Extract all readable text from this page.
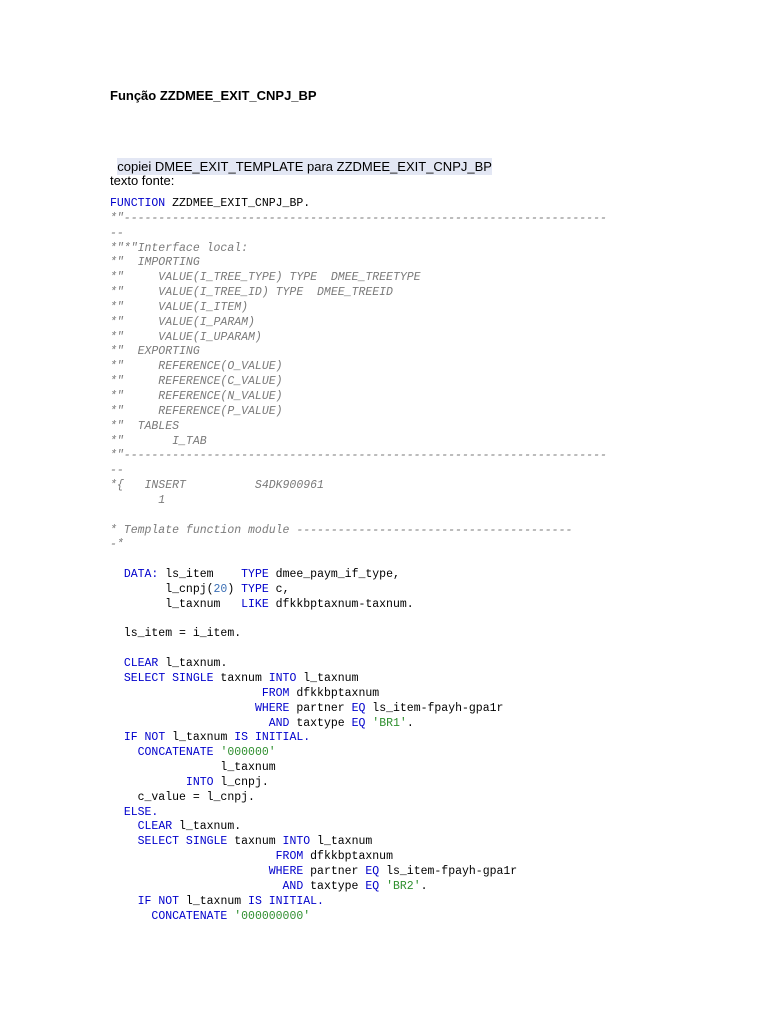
Função ZZDMEE_EXIT_CNPJ_BP

copiei DMEE_EXIT_TEMPLATE para ZZDMEE_EXIT_CNPJ_BP

texto fonte:
FUNCTION ZZDMEE_EXIT_CNPJ_BP.
*"----------------------------------------------------------------------
--
*"*"Interface local:
*"  IMPORTING
*"     VALUE(I_TREE_TYPE) TYPE  DMEE_TREETYPE
*"     VALUE(I_TREE_ID) TYPE  DMEE_TREEID
*"     VALUE(I_ITEM)
*"     VALUE(I_PARAM)
*"     VALUE(I_UPARAM)
*"  EXPORTING
*"     REFERENCE(O_VALUE)
*"     REFERENCE(C_VALUE)
*"     REFERENCE(N_VALUE)
*"     REFERENCE(P_VALUE)
*"  TABLES
*"       I_TAB
*"----------------------------------------------------------------------
--
*{   INSERT          S4DK900961
1

* Template function module ----------------------------------------
-*

DATA: ls_item    TYPE dmee_paym_if_type,
l_cnpj(20) TYPE c,
l_taxnum   LIKE dfkkbptaxnum-taxnum.

ls_item = i_item.

CLEAR l_taxnum.
SELECT SINGLE taxnum INTO l_taxnum
FROM dfkkbptaxnum
WHERE partner EQ ls_item-fpayh-gpa1r
AND taxtype EQ 'BR1'.
IF NOT l_taxnum IS INITIAL.
CONCATENATE '000000'
l_taxnum
INTO l_cnpj.
c_value = l_cnpj.
ELSE.
CLEAR l_taxnum.
SELECT SINGLE taxnum INTO l_taxnum
FROM dfkkbptaxnum
WHERE partner EQ ls_item-fpayh-gpa1r
AND taxtype EQ 'BR2'.
IF NOT l_taxnum IS INITIAL.
CONCATENATE '000000000'
